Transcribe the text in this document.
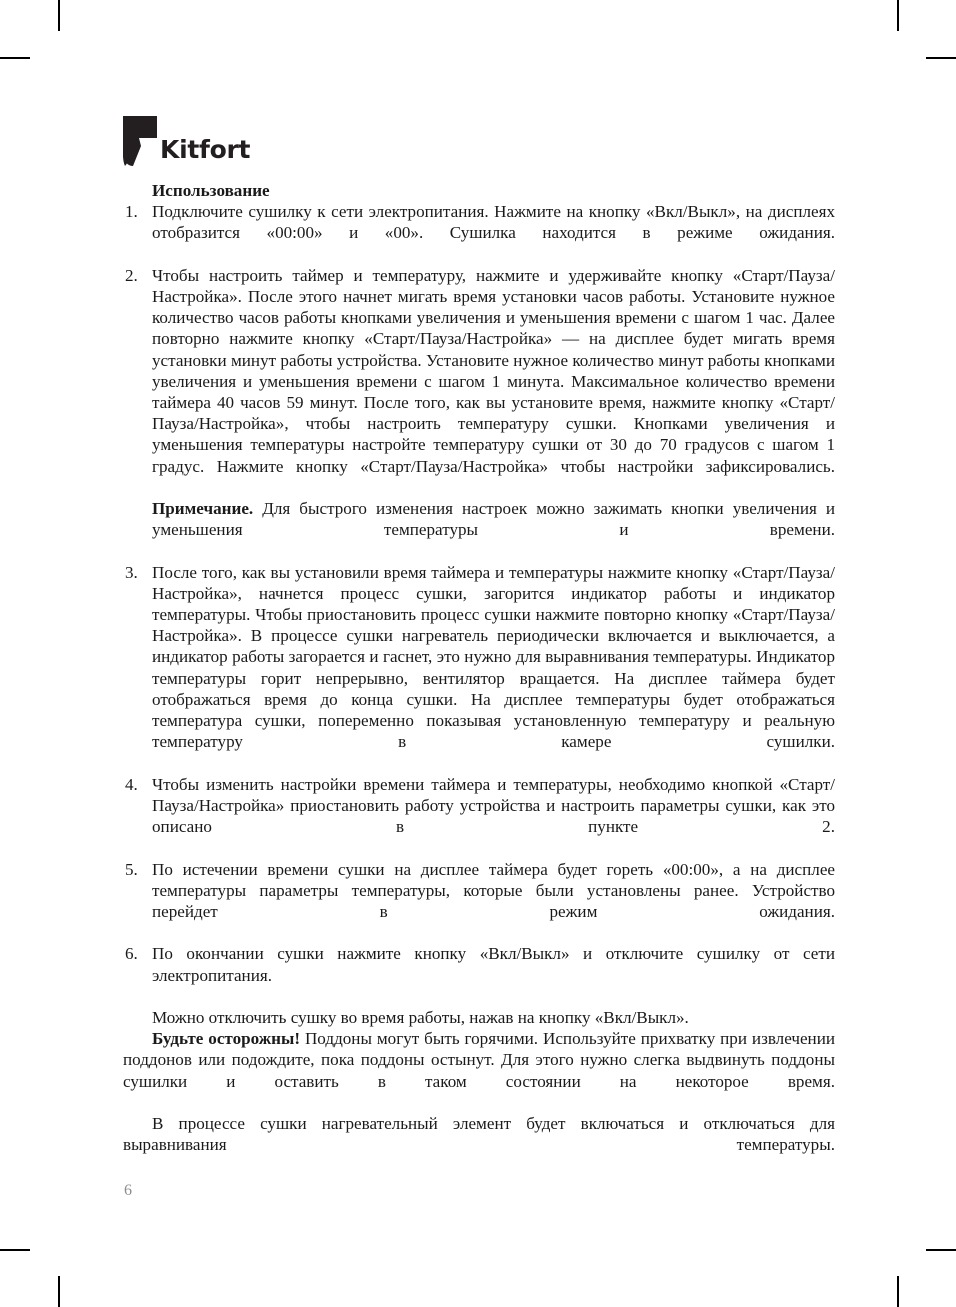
Kitfort
Использование
1. Подключите сушилку к сети электропитания. Нажмите на кнопку «Вкл/Выкл», на дисплеях отобразится «00:00» и «00». Сушилка находится в режиме ожидания.

2. Чтобы настроить таймер и температуру, нажмите и удерживайте кнопку «Старт/Пауза/Настройка». После этого начнет мигать время установки часов работы. Установите нужное количество часов работы кнопками увеличения и уменьшения времени с шагом 1 час. Далее повторно нажмите кнопку «Старт/Пауза/Настройка» — на дисплее будет мигать время установки минут работы устройства. Установите нужное количество минут работы кнопками увеличения и уменьшения времени с шагом 1 минута. Максимальное количество времени таймера 40 часов 59 минут. После того, как вы установите время, нажмите кнопку «Старт/Пауза/Настройка», чтобы настроить температуру сушки. Кнопками увеличения и уменьшения температуры настройте температуру сушки от 30 до 70 градусов с шагом 1 градус. Нажмите кнопку «Старт/Пауза/Настройка» чтобы настройки зафиксировались.

Примечание. Для быстрого изменения настроек можно зажимать кнопки увеличения и уменьшения температуры и времени.

3. После того, как вы установили время таймера и температуры нажмите кнопку «Старт/Пауза/Настройка», начнется процесс сушки, загорится индикатор работы и индикатор температуры. Чтобы приостановить процесс сушки нажмите повторно кнопку «Старт/Пауза/Настройка». В процессе сушки нагреватель периодически включается и выключается, а индикатор работы загорается и гаснет, это нужно для выравнивания температуры. Индикатор температуры горит непрерывно, вентилятор вращается. На дисплее таймера будет отображаться время до конца сушки. На дисплее температуры будет отображаться температура сушки, попеременно показывая установленную температуру и реальную температуру в камере сушилки.

4. Чтобы изменить настройки времени таймера и температуры, необходимо кнопкой «Старт/Пауза/Настройка» приостановить работу устройства и настроить параметры сушки, как это описано в пункте 2.

5. По истечении времени сушки на дисплее таймера будет гореть «00:00», а на дисплее температуры параметры температуры, которые были установлены ранее. Устройство перейдет в режим ожидания.

6. По окончании сушки нажмите кнопку «Вкл/Выкл» и отключите сушилку от сети электропитания.

Можно отключить сушку во время работы, нажав на кнопку «Вкл/Выкл».

Будьте осторожны! Поддоны могут быть горячими. Используйте прихватку при извлечении поддонов или подождите, пока поддоны остынут. Для этого нужно слегка выдвинуть поддоны сушилки и оставить в таком состоянии на некоторое время.

В процессе сушки нагревательный элемент будет включаться и отключаться для выравнивания температуры.

6
